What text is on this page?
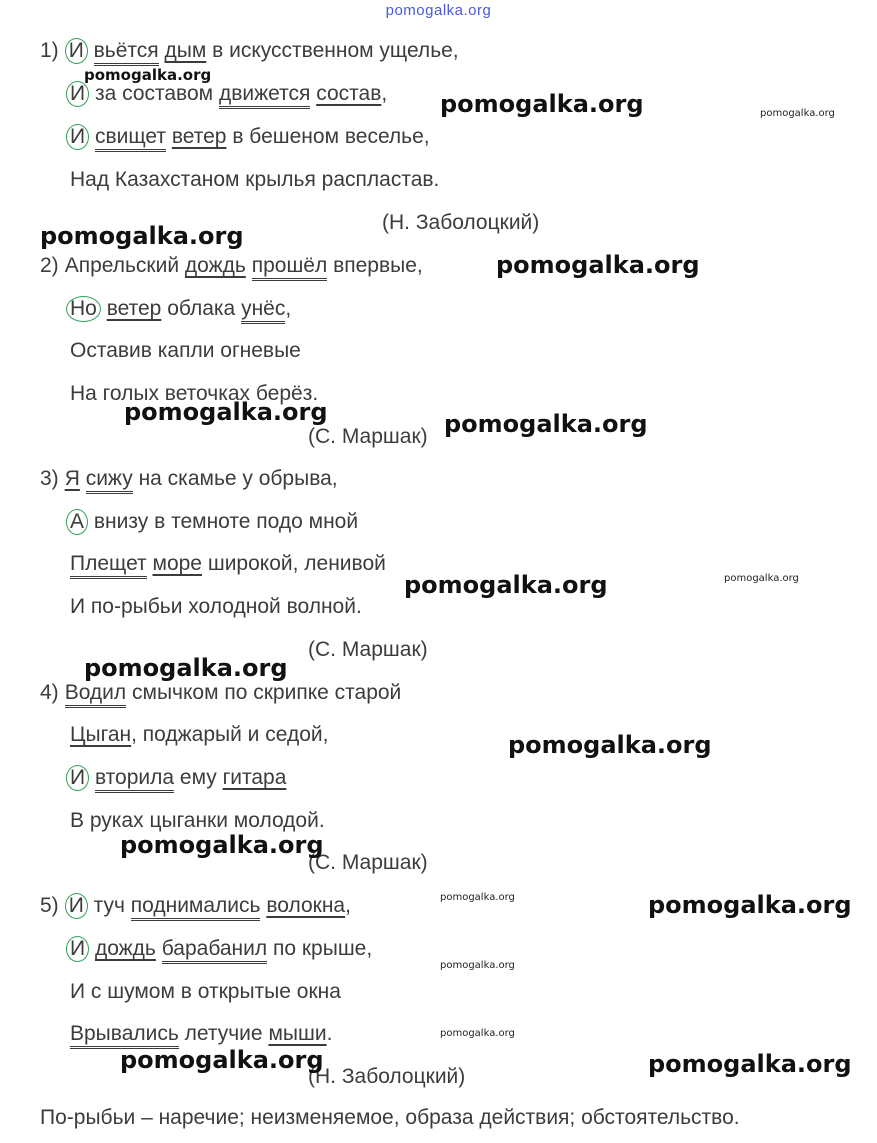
pomogalka.org
1) И вьётся дым в искусственном ущелье,
И за составом движется состав,
И свищет ветер в бешеном веселье,
Над Казахстаном крылья распластав.
(Н. Заболоцкий)
2) Апрельский дождь прошёл впервые,
Но ветер облака унёс,
Оставив капли огневые
На голых веточках берёз.
(С. Маршак)
3) Я сижу на скамье у обрыва,
А внизу в темноте подо мной
Плещет море широкой, ленивой
И по-рыбьи холодной волной.
(С. Маршак)
4) Водил смычком по скрипке старой
Цыган, поджарый и седой,
И вторила ему гитара
В руках цыганки молодой.
(С. Маршак)
5) И туч поднимались волокна,
И дождь барабанил по крыше,
И с шумом в открытые окна
Врывались летучие мыши.
(Н. Заболоцкий)
По-рыбьи – наречие; неизменяемое, образа действия; обстоятельство.
pomogalka.org
pomogalka.org	pomogalka.org
pomogalka.org
pomogalka.org
pomogalka.org	pomogalka.org
pomogalka.org	pomogalka.org
pomogalka.org
pomogalka.org
pomogalka.org
pomogalka.org	pomogalka.org
pomogalka.org
pomogalka.org
pomogalka.org	pomogalka.org
